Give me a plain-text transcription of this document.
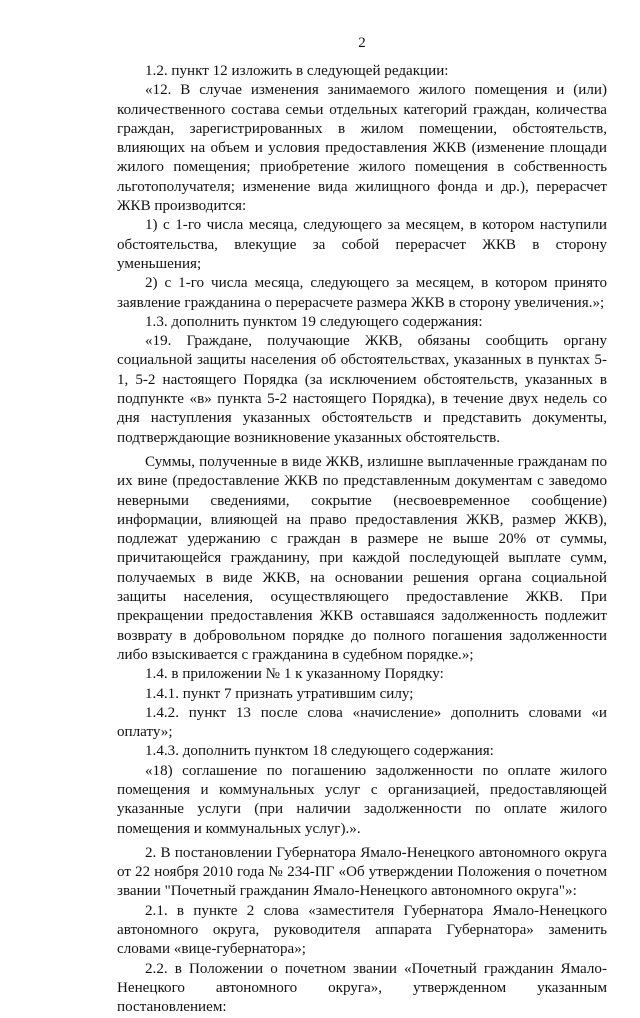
2

1.2. пункт 12 изложить в следующей редакции:

«12. В случае изменения занимаемого жилого помещения и (или) количественного состава семьи отдельных категорий граждан, количества граждан, зарегистрированных в жилом помещении, обстоятельств, влияющих на объем и условия предоставления ЖКВ (изменение площади жилого помещения; приобретение жилого помещения в собственность льготополучателя; изменение вида жилищного фонда и др.), перерасчет ЖКВ производится:

1) с 1-го числа месяца, следующего за месяцем, в котором наступили обстоятельства, влекущие за собой перерасчет ЖКВ в сторону уменьшения;

2) с 1-го числа месяца, следующего за месяцем, в котором принято заявление гражданина о перерасчете размера ЖКВ в сторону увеличения.»;

1.3. дополнить пунктом 19 следующего содержания:

«19. Граждане, получающие ЖКВ, обязаны сообщить органу социальной защиты населения об обстоятельствах, указанных в пунктах 5-1, 5-2 настоящего Порядка (за исключением обстоятельств, указанных в подпункте «в» пункта 5-2 настоящего Порядка), в течение двух недель со дня наступления указанных обстоятельств и представить документы, подтверждающие возникновение указанных обстоятельств.

Суммы, полученные в виде ЖКВ, излишне выплаченные гражданам по их вине (предоставление ЖКВ по представленным документам с заведомо неверными сведениями, сокрытие (несвоевременное сообщение) информации, влияющей на право предоставления ЖКВ, размер ЖКВ), подлежат удержанию с граждан в размере не выше 20% от суммы, причитающейся гражданину, при каждой последующей выплате сумм, получаемых в виде ЖКВ, на основании решения органа социальной защиты населения, осуществляющего предоставление ЖКВ. При прекращении предоставления ЖКВ оставшаяся задолженность подлежит возврату в добровольном порядке до полного погашения задолженности либо взыскивается с гражданина в судебном порядке.»;

1.4. в приложении № 1 к указанному Порядку:

1.4.1. пункт 7 признать утратившим силу;

1.4.2. пункт 13 после слова «начисление» дополнить словами «и оплату»;

1.4.3. дополнить пунктом 18 следующего содержания:

«18) соглашение по погашению задолженности по оплате жилого помещения и коммунальных услуг с организацией, предоставляющей указанные услуги (при наличии задолженности по оплате жилого помещения и коммунальных услуг).».

2. В постановлении Губернатора Ямало-Ненецкого автономного округа от 22 ноября 2010 года № 234-ПГ «Об утверждении Положения о почетном звании "Почетный гражданин Ямало-Ненецкого автономного округа"»:

2.1. в пункте 2 слова «заместителя Губернатора Ямало-Ненецкого автономного округа, руководителя аппарата Губернатора» заменить словами «вице-губернатора»;

2.2. в Положении о почетном звании «Почетный гражданин Ямало-Ненецкого автономного округа», утвержденном указанным постановлением:
